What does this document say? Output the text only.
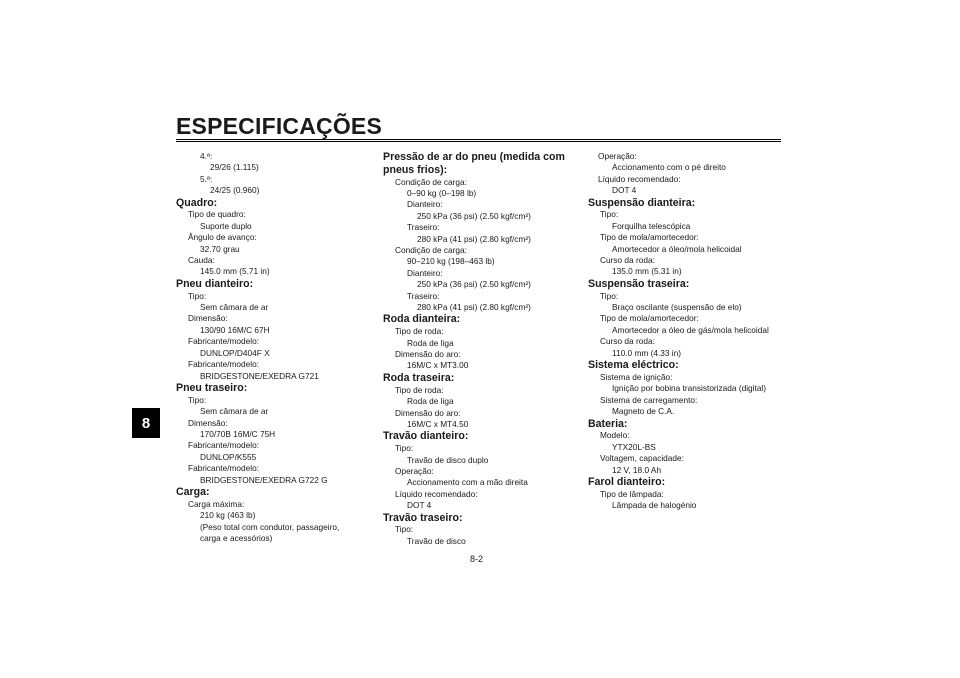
ESPECIFICAÇÕES
8
4.ª:
29/26 (1.115)
5.ª:
24/25 (0.960)
Quadro:
Tipo de quadro:
Suporte duplo
Ângulo de avanço:
32.70 grau
Cauda:
145.0 mm (5.71 in)
Pneu dianteiro:
Tipo:
Sem câmara de ar
Dimensão:
130/90 16M/C 67H
Fabricante/modelo:
DUNLOP/D404F X
Fabricante/modelo:
BRIDGESTONE/EXEDRA G721
Pneu traseiro:
Tipo:
Sem câmara de ar
Dimensão:
170/70B 16M/C 75H
Fabricante/modelo:
DUNLOP/K555
Fabricante/modelo:
BRIDGESTONE/EXEDRA G722 G
Carga:
Carga máxima:
210 kg (463 lb)
(Peso total com condutor, passageiro,
carga e acessórios)
Pressão de ar do pneu (medida com
pneus frios):
Condição de carga:
0–90 kg (0–198 lb)
Dianteiro:
250 kPa (36 psi) (2.50 kgf/cm²)
Traseiro:
280 kPa (41 psi) (2.80 kgf/cm²)
Condição de carga:
90–210 kg (198–463 lb)
Dianteiro:
250 kPa (36 psi) (2.50 kgf/cm²)
Traseiro:
280 kPa (41 psi) (2.80 kgf/cm²)
Roda dianteira:
Tipo de roda:
Roda de liga
Dimensão do aro:
16M/C x MT3.00
Roda traseira:
Tipo de roda:
Roda de liga
Dimensão do aro:
16M/C x MT4.50
Travão dianteiro:
Tipo:
Travão de disco duplo
Operação:
Accionamento com a mão direita
Líquido recomendado:
DOT 4
Travão traseiro:
Tipo:
Travão de disco
Operação:
Accionamento com o pé direito
Líquido recomendado:
DOT 4
Suspensão dianteira:
Tipo:
Forquilha telescópica
Tipo de mola/amortecedor:
Amortecedor a óleo/mola helicoidal
Curso da roda:
135.0 mm (5.31 in)
Suspensão traseira:
Tipo:
Braço oscilante (suspensão de elo)
Tipo de mola/amortecedor:
Amortecedor a óleo de gás/mola helicoidal
Curso da roda:
110.0 mm (4.33 in)
Sistema eléctrico:
Sistema de ignição:
Ignição por bobina transistorizada (digital)
Sistema de carregamento:
Magneto de C.A.
Bateria:
Modelo:
YTX20L-BS
Voltagem, capacidade:
12 V, 18.0 Ah
Farol dianteiro:
Tipo de lâmpada:
Lâmpada de halogénio
8-2
